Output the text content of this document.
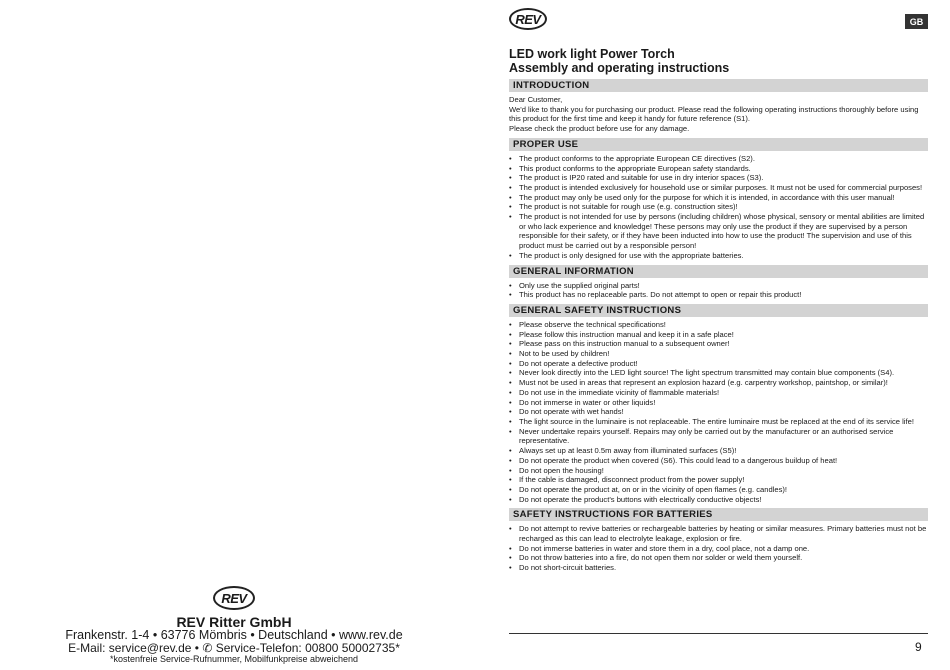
REV
REV Ritter GmbH
Frankenstr. 1-4 • 63776 Mömbris • Deutschland • www.rev.de
E-Mail: service@rev.de • ✆ Service-Telefon: 00800 50002735*
*kostenfreie Service-Rufnummer, Mobilfunkpreise abweichend
REV	GB
LED work light Power Torch
Assembly and operating instructions
INTRODUCTION
Dear Customer,
We'd like to thank you for purchasing our product. Please read the following operating instructions thoroughly before using this product for the first time and keep it handy for future reference (S1).
Please check the product before use for any damage.
PROPER USE
• The product conforms to the appropriate European CE directives (S2).
• This product conforms to the appropriate European safety standards.
• The product is IP20 rated and suitable for use in dry interior spaces (S3).
• The product is intended exclusively for household use or similar purposes. It must not be used for commercial purposes!
• The product may only be used only for the purpose for which it is intended, in accordance with this user manual!
• The product is not suitable for rough use (e.g. construction sites)!
• The product is not intended for use by persons (including children) whose physical, sensory or mental abilities are limited or who lack experience and knowledge! These persons may only use the product if they are supervised by a person responsible for their safety, or if they have been inducted into how to use the product! The supervision and use of this product must be carried out by a responsible person!
• The product is only designed for use with the appropriate batteries.
GENERAL INFORMATION
• Only use the supplied original parts!
• This product has no replaceable parts. Do not attempt to open or repair this product!
GENERAL SAFETY INSTRUCTIONS
• Please observe the technical specifications!
• Please follow this instruction manual and keep it in a safe place!
• Please pass on this instruction manual to a subsequent owner!
• Not to be used by children!
• Do not operate a defective product!
• Never look directly into the LED light source! The light spectrum transmitted may contain blue components (S4).
• Must not be used in areas that represent an explosion hazard (e.g. carpentry workshop, paintshop, or similar)!
• Do not use in the immediate vicinity of flammable materials!
• Do not immerse in water or other liquids!
• Do not operate with wet hands!
• The light source in the luminaire is not replaceable. The entire luminaire must be replaced at the end of its service life!
• Never undertake repairs yourself. Repairs may only be carried out by the manufacturer or an authorised service representative.
• Always set up at least 0.5m away from illuminated surfaces (S5)!
• Do not operate the product when covered (S6). This could lead to a dangerous buildup of heat!
• Do not open the housing!
• If the cable is damaged, disconnect product from the power supply!
• Do not operate the product at, on or in the vicinity of open flames (e.g. candles)!
• Do not operate the product's buttons with electrically conductive objects!
SAFETY INSTRUCTIONS FOR BATTERIES
• Do not attempt to revive batteries or rechargeable batteries by heating or similar measures. Primary batteries must not be recharged as this can lead to electrolyte leakage, explosion or fire.
• Do not immerse batteries in water and store them in a dry, cool place, not a damp one.
• Do not throw batteries into a fire, do not open them nor solder or weld them yourself.
• Do not short-circuit batteries.
9
